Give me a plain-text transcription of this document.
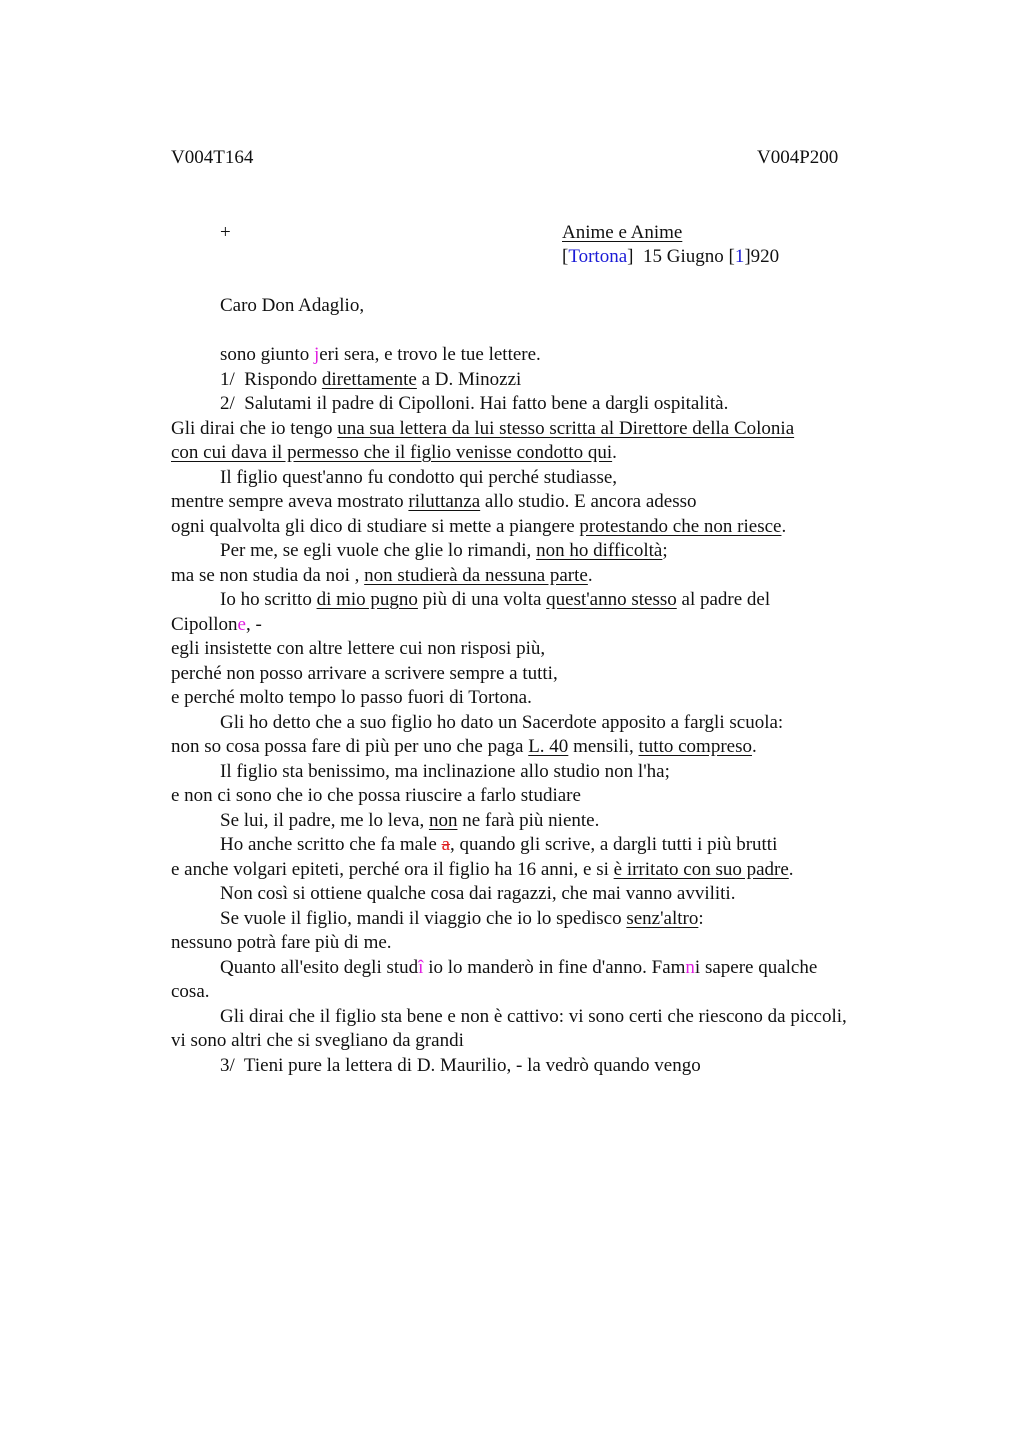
V004T164	V004P200
+	Anime e Anime
[Tortona]  15 Giugno [1]920
Caro Don Adaglio,
sono giunto jeri sera, e trovo le tue lettere.
1/  Rispondo direttamente a D. Minozzi
2/  Salutami il padre di Cipolloni. Hai fatto bene a dargli ospitalità.
Gli dirai che io tengo una sua lettera da lui stesso scritta al Direttore della Colonia
con cui dava il permesso che il figlio venisse condotto qui.
Il figlio quest'anno fu condotto qui perché studiasse,
mentre sempre aveva mostrato riluttanza allo studio. E ancora adesso
ogni qualvolta gli dico di studiare si mette a piangere protestando che non riesce.
Per me, se egli vuole che glie lo rimandi, non ho difficoltà;
ma se non studia da noi , non studierà da nessuna parte.
Io ho scritto di mio pugno più di una volta quest'anno stesso al padre del
Cipollone, -
egli insistette con altre lettere cui non risposi più,
perché non posso arrivare a scrivere sempre a tutti,
e perché molto tempo lo passo fuori di Tortona.
Gli ho detto che a suo figlio ho dato un Sacerdote apposito a fargli scuola:
non so cosa possa fare di più per uno che paga L. 40 mensili, tutto compreso.
Il figlio sta benissimo, ma inclinazione allo studio non l'ha;
e non ci sono che io che possa riuscire a farlo studiare
Se lui, il padre, me lo leva, non ne farà più niente.
Ho anche scritto che fa male a, quando gli scrive, a dargli tutti i più brutti
e anche volgari epiteti, perché ora il figlio ha 16 anni, e si è irritato con suo padre.
Non così si ottiene qualche cosa dai ragazzi, che mai vanno avviliti.
Se vuole il figlio, mandi il viaggio che io lo spedisco senz'altro:
nessuno potrà fare più di me.
Quanto all'esito degli studî io lo manderò in fine d'anno. Famni sapere qualche
cosa.
Gli dirai che il figlio sta bene e non è cattivo: vi sono certi che riescono da piccoli,
vi sono altri che si svegliano da grandi
3/  Tieni pure la lettera di D. Maurilio, - la vedrò quando vengo
